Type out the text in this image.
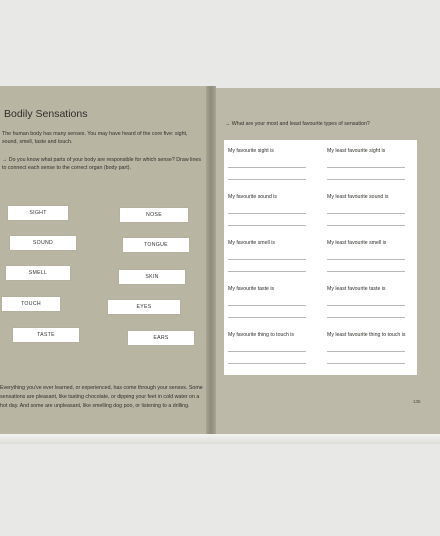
Bodily Sensations
The human body has many senses. You may have heard of the core five: sight, sound, smell, taste and touch.
→ Do you know what parts of your body are responsible for which sense? Draw lines to connect each sense to the correct organ (body part).
SIGHT	NOSE
SOUND	TONGUE
SMELL
SKIN
TOUCH	EYES
TASTE	EARS
Everything you've ever learned, or experienced, has come through your senses. Some sensations are pleasant, like tasting chocolate, or dipping your feet in cold water on a hot day. And some are unpleasant, like smelling dog poo, or listening to a drilling.
→ What are your most and least favourite types of sensation?
My favourite sight is	My least favourite sight is
My favourite sound is	My least favourite sound is
My favourite smell is	My least favourite smell is
My favourite taste is	My least favourite taste is
My favourite thing to touch is	My least favourite thing to touch is
135
